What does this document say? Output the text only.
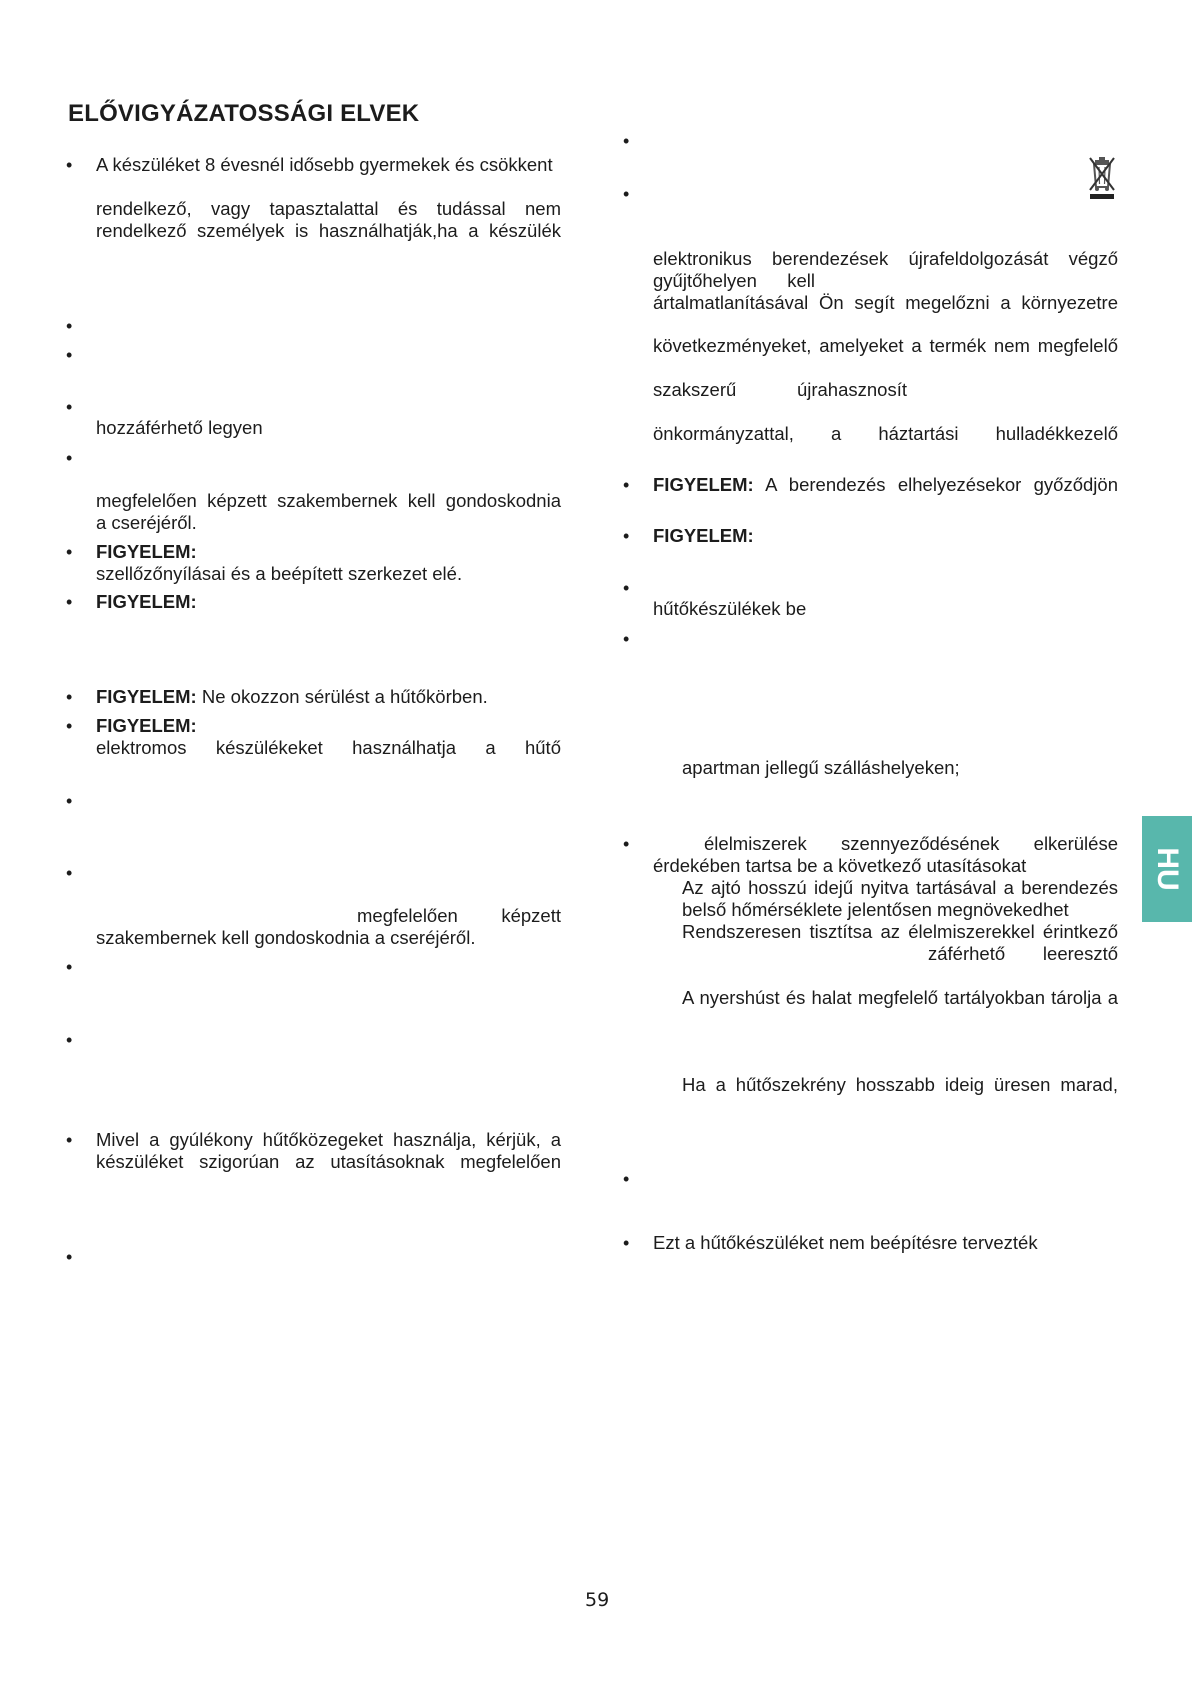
ELŐVIGYÁZATOSSÁGI ELVEK
• A készüléket 8 évesnél idősebb gyermekek és csökkent

rendelkező, vagy tapasztalattal és tudással nem

rendelkező személyek is használhatják,ha a készülék

•
•
•

hozzáférhető legyen

•

megfelelően képzett szakembernek kell gondoskodnia

a cseréjéről.

• FIGYELEM:

szellőzőnyílásai és a beépített szerkezet elé.

• FIGYELEM:

• FIGYELEM: Ne okozzon sérülést a hűtőkörben.

• FIGYELEM:

elektromos készülékeket használhatja a hűtő

•
•

megfelelően képzett

szakembernek kell gondoskodnia a cseréjéről.

•
•
• Mivel a gyúlékony hűtőközegeket használja, kérjük, a

készüléket szigorúan az utasításoknak megfelelően

•
•
•

elektronikus berendezések újrafeldolgozását végző

gyűjtőhelyen kell

ártalmatlanításával Ön segít megelőzni a környezetre

következményeket, amelyeket a termék nem megfelelő

szakszerű újrahasznosít

önkormányzattal, a háztartási hulladékkezelő

• FIGYELEM: A berendezés elhelyezésekor győződjön

• FIGYELEM:

•

hűtőkészülékek be

•

apartman jellegű szálláshelyeken;

•	élelmiszerek szennyeződésének elkerülése

érdekében tartsa be a következő utasításokat

Az ajtó hosszú idejű nyitva tartásával a berendezés

belső hőmérséklete jelentősen megnövekedhet

Rendszeresen tisztítsa az élelmiszerekkel érintkező

záférhető leeresztő

A nyershúst és halat megfelelő tartályokban tárolja a

Ha a hűtőszekrény hosszabb ideig üresen marad,

•
• Ezt a hűtőkészüléket nem beépítésre tervezték

HU

59
